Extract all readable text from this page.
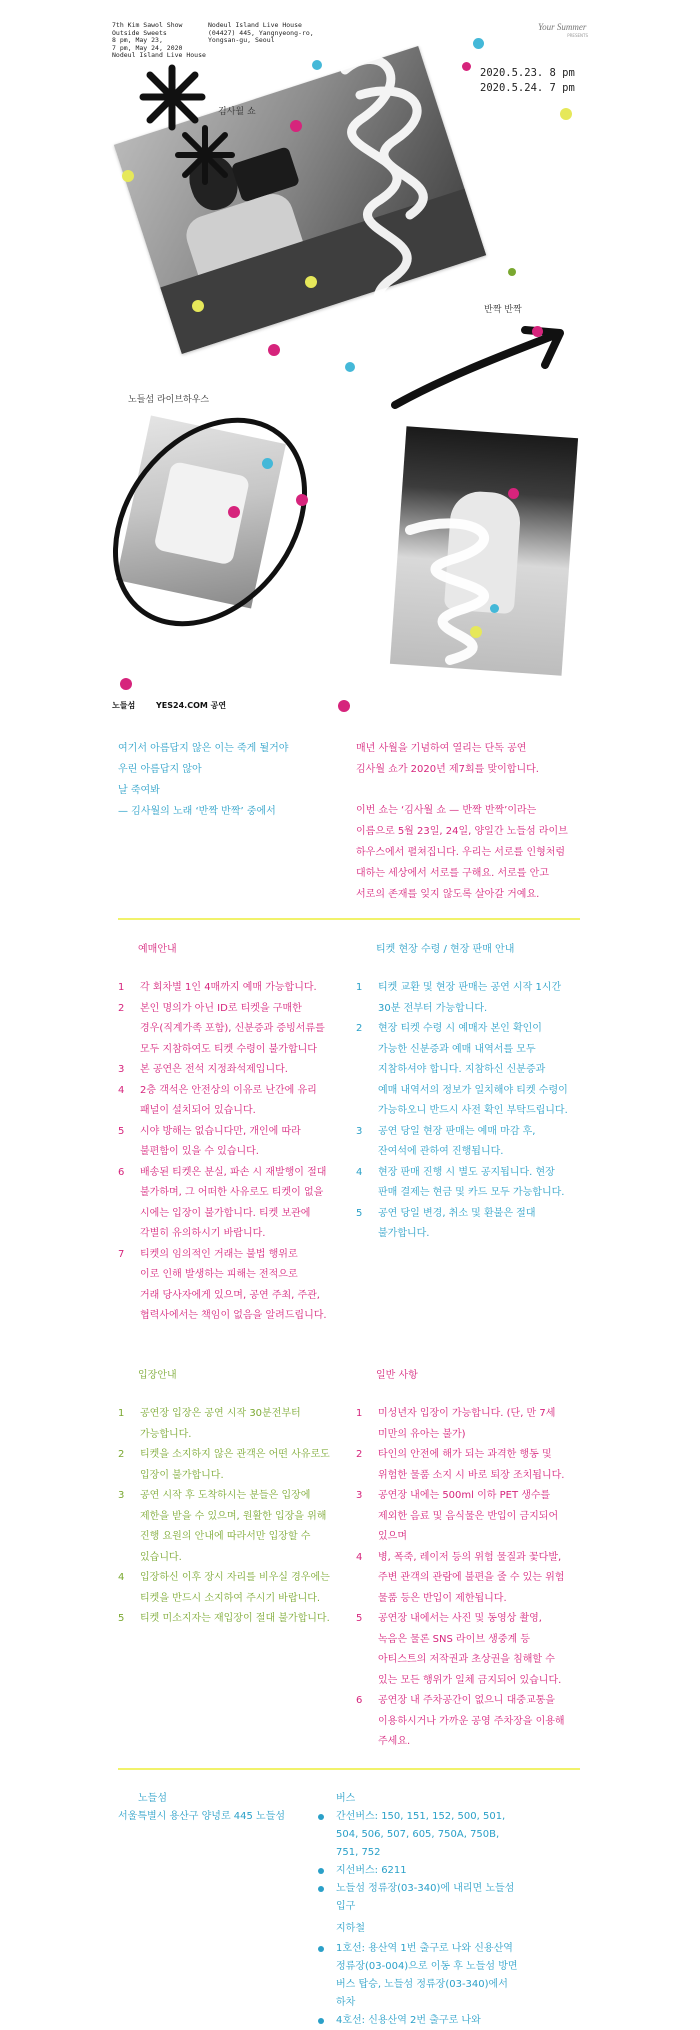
7th Kim Sawol Show
Outside Sweets
8 pm, May 23,
7 pm, May 24, 2020
Nodeul Island Live House
Nodeul Island Live House
(04427) 445, Yangnyeong-ro,
Yongsan-gu, Seoul
Your Summer
PRESENTS
2020.5.23. 8 pm
2020.5.24. 7 pm
김사월 쇼
반짝 반짝
노들섬 라이브하우스
노들섬	YES24.COM 공연
여기서 아름답지 않은 이는 죽게 될거야
우린 아름답지 않아
날 죽여봐
— 김사월의 노래 ‘반짝 반짝’ 중에서
매년 사월을 기념하여 열리는 단독 공연
김사월 쇼가 2020년 제7회를 맞이합니다.
이번 쇼는 ‘김사월 쇼 — 반짝 반짝’이라는
이름으로 5월 23일, 24일, 양일간 노들섬 라이브
하우스에서 펼쳐집니다. 우리는 서로를 인형처럼
대하는 세상에서 서로를 구해요. 서로를 안고
서로의 존재를 잊지 않도록 살아갈 거예요.
예매안내
1 각 회차별 1인 4매까지 예매 가능합니다.
2 본인 명의가 아닌 ID로 티켓을 구매한
경우(직계가족 포함), 신분증과 증빙서류를
모두 지참하여도 티켓 수령이 불가합니다
3 본 공연은 전석 지정좌석제입니다.
4 2층 객석은 안전상의 이유로 난간에 유리
패널이 설치되어 있습니다.
5 시야 방해는 없습니다만, 개인에 따라
불편함이 있을 수 있습니다.
6 배송된 티켓은 분실, 파손 시 재발행이 절대
불가하며, 그 어떠한 사유로도 티켓이 없을
시에는 입장이 불가합니다. 티켓 보관에
각별히 유의하시기 바랍니다.
7 티켓의 임의적인 거래는 불법 행위로
이로 인해 발생하는 피해는 전적으로
거래 당사자에게 있으며, 공연 주최, 주관,
협력사에서는 책임이 없음을 알려드립니다.
티켓 현장 수령 / 현장 판매 안내
1 티켓 교환 및 현장 판매는 공연 시작 1시간
30분 전부터 가능합니다.
2 현장 티켓 수령 시 예매자 본인 확인이
가능한 신분증과 예매 내역서를 모두
지참하셔야 합니다. 지참하신 신분증과
예매 내역서의 정보가 일치해야 티켓 수령이
가능하오니 반드시 사전 확인 부탁드립니다.
3 공연 당일 현장 판매는 예매 마감 후,
잔여석에 관하여 진행됩니다.
4 현장 판매 진행 시 별도 공지됩니다. 현장
판매 결제는 현금 및 카드 모두 가능합니다.
5 공연 당일 변경, 취소 및 환불은 절대
불가합니다.
입장안내
1 공연장 입장은 공연 시작 30분전부터
가능합니다.
2 티켓을 소지하지 않은 관객은 어떤 사유로도
입장이 불가합니다.
3 공연 시작 후 도착하시는 분들은 입장에
제한을 받을 수 있으며, 원활한 입장을 위해
진행 요원의 안내에 따라서만 입장할 수
있습니다.
4 입장하신 이후 장시 자리를 비우실 경우에는
티켓을 반드시 소지하여 주시기 바랍니다.
5 티켓 미소지자는 재입장이 절대 불가합니다.
일반 사항
1 미성년자 입장이 가능합니다. (단, 만 7세
미만의 유아는 불가)
2 타인의 안전에 해가 되는 과격한 행동 및
위험한 물품 소지 시 바로 퇴장 조치됩니다.
3 공연장 내에는 500ml 이하 PET 생수를
제외한 음료 및 음식물은 반입이 금지되어
있으며
4 병, 폭죽, 레이저 등의 위험 물질과 꽃다발,
주변 관객의 관람에 불편을 줄 수 있는 위험
물품 등은 반입이 제한됩니다.
5 공연장 내에서는 사진 및 동영상 촬영,
녹음은 물론 SNS 라이브 생중계 등
아티스트의 저작권과 초상권을 침해할 수
있는 모든 행위가 일체 금지되어 있습니다.
6 공연장 내 주차공간이 없으니 대중교통을
이용하시거나 가까운 공영 주차장을 이용해
주세요.
노들섬
서울특별시 용산구 양녕로 445 노들섬
버스
간선버스: 150, 151, 152, 500, 501,
504, 506, 507, 605, 750A, 750B,
751, 752
지선버스: 6211
노들섬 정류장(03-340)에 내리면 노들섬
입구
지하철
1호선: 용산역 1번 출구로 나와 신용산역
정류장(03-004)으로 이동 후 노들섬 방면
버스 탑승, 노들섬 정류장(03-340)에서
하차
4호선: 신용산역 2번 출구로 나와
